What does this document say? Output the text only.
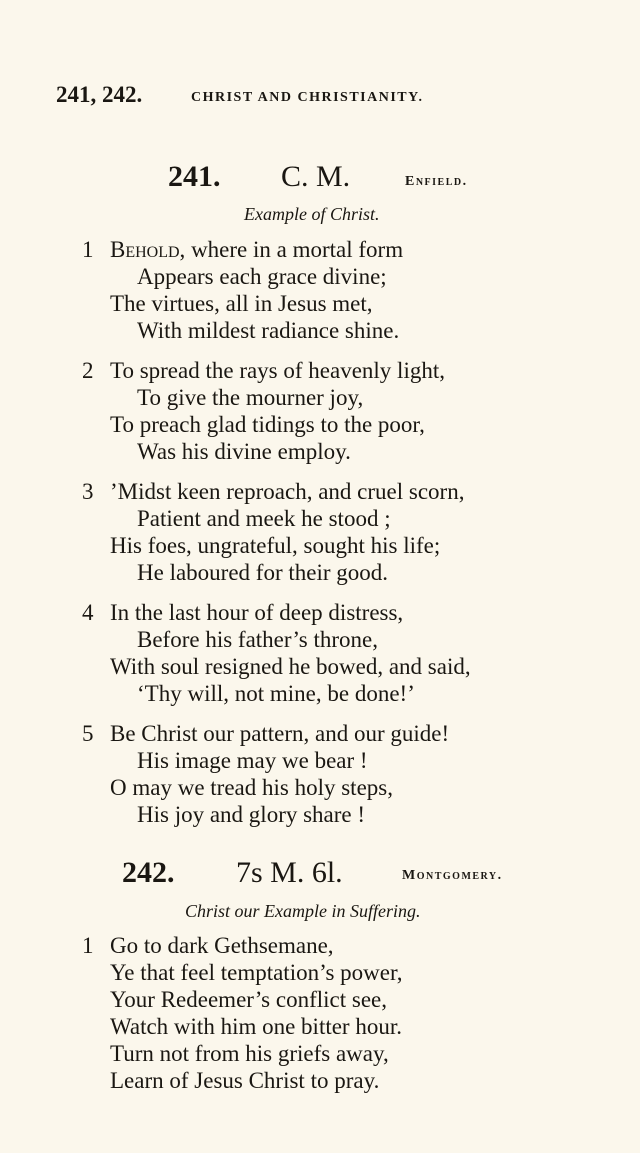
241, 242.	CHRIST AND CHRISTIANITY.
241. C. M.	Enfield.
Example of Christ.
1 Behold, where in a mortal form
Appears each grace divine;
The virtues, all in Jesus met,
With mildest radiance shine.
2 To spread the rays of heavenly light,
To give the mourner joy,
To preach glad tidings to the poor,
Was his divine employ.
3 ’Midst keen reproach, and cruel scorn,
Patient and meek he stood ;
His foes, ungrateful, sought his life;
He laboured for their good.
4 In the last hour of deep distress,
Before his father’s throne,
With soul resigned he bowed, and said,
‘Thy will, not mine, be done!’
5 Be Christ our pattern, and our guide!
His image may we bear !
O may we tread his holy steps,
His joy and glory share !
242. 7s M. 6l.	Montgomery.
Christ our Example in Suffering.
1 Go to dark Gethsemane,
Ye that feel temptation’s power,
Your Redeemer’s conflict see,
Watch with him one bitter hour.
Turn not from his griefs away,
Learn of Jesus Christ to pray.
